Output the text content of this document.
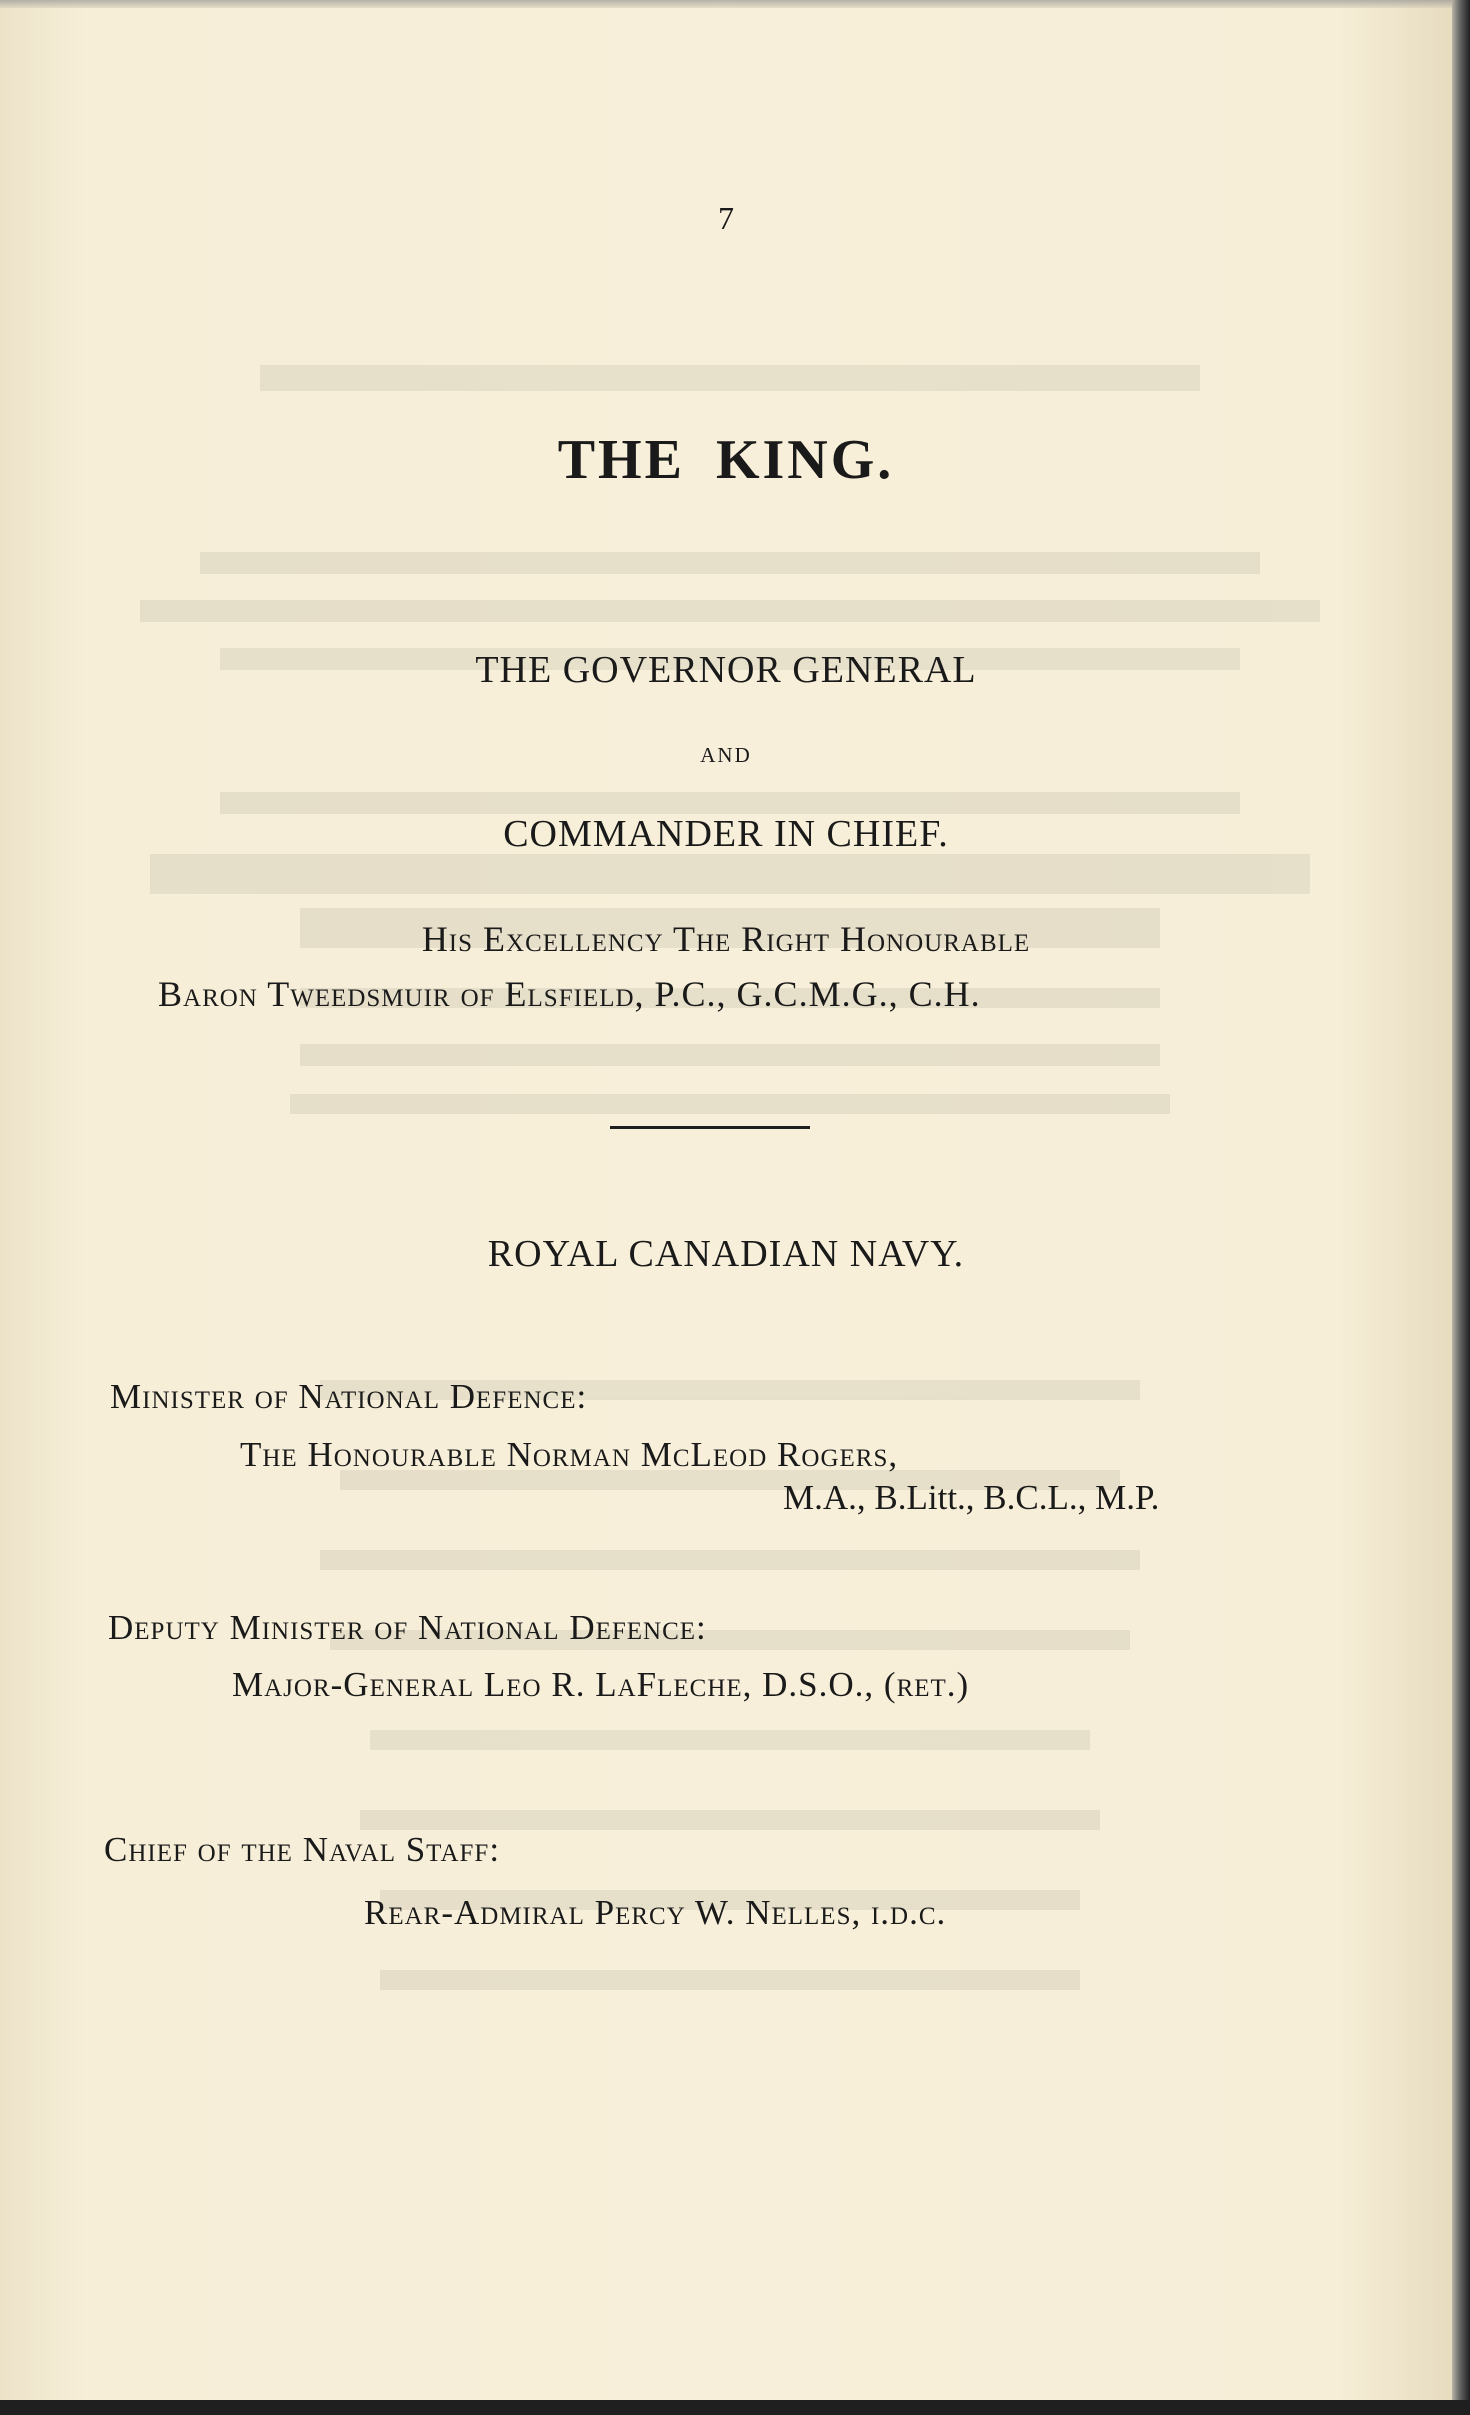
7
THE KING.
THE GOVERNOR GENERAL
AND
COMMANDER IN CHIEF.
His Excellency The Right Honourable
Baron Tweedsmuir of Elsfield, P.C., G.C.M.G., C.H.
ROYAL CANADIAN NAVY.
Minister of National Defence:
The Honourable Norman McLeod Rogers,
M.A., B.Litt., B.C.L., M.P.
Deputy Minister of National Defence:
Major-General Leo R. LaFleche, D.S.O., (ret.)
Chief of the Naval Staff:
Rear-Admiral Percy W. Nelles, i.d.c.
